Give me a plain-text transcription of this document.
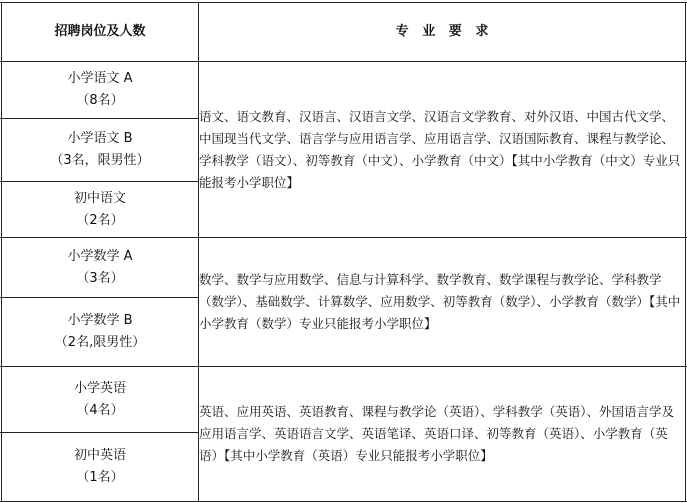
招聘岗位及人数	专   业   要   求
小学语文 A
（8名）
小学语文 B
（3名，限男性）
初中语文
（2名）
小学数学 A
（3名）
小学数学 B
（2名,限男性）
小学英语
（4名）
初中英语
（1名）
语文、语文教育、汉语言、汉语言文学、汉语言文学教育、对外汉语、中国古代文学、中国现当代文学、语言学与应用语言学、应用语言学、汉语国际教育、课程与教学论、学科教学（语文）、初等教育（中文）、小学教育（中文）【其中小学教育（中文）专业只能报考小学职位】
数学、数学与应用数学、信息与计算科学、数学教育、数学课程与教学论、学科教学（数学）、基础数学、计算数学、应用数学、初等教育（数学）、小学教育（数学）【其中小学教育（数学）专业只能报考小学职位】
英语、应用英语、英语教育、课程与教学论（英语）、学科教学（英语）、外国语言学及应用语言学、英语语言文学、英语笔译、英语口译、初等教育（英语）、小学教育（英语）【其中小学教育（英语）专业只能报考小学职位】
